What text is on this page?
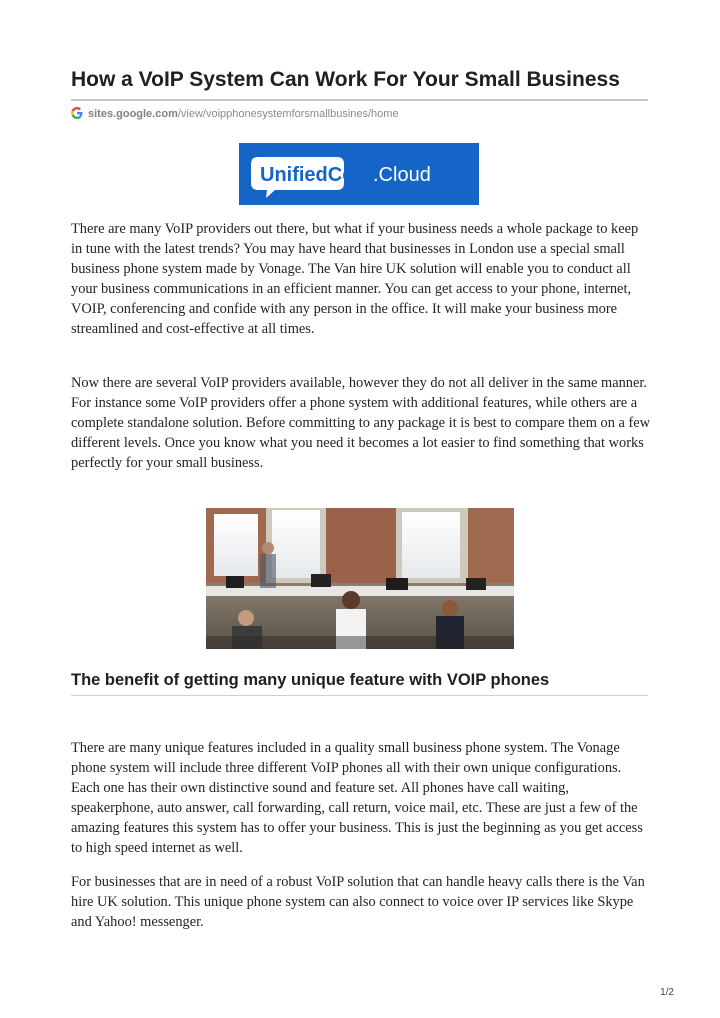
How a VoIP System Can Work For Your Small Business
sites.google.com /view/voipphonesystemforsmallbusines/home
UnifiedComs
.Cloud

There are many VoIP providers out there, but what if your business needs a whole package to keep in tune with the latest trends? You may have heard that businesses in London use a special small business phone system made by Vonage. The Van hire UK solution will enable you to conduct all your business communications in an efficient manner. You can get access to your phone, internet, VOIP, conferencing and confide with any person in the office. It will make your business more streamlined and cost-effective at all times.

Now there are several VoIP providers available, however they do not all deliver in the same manner. For instance some VoIP providers offer a phone system with additional features, while others are a complete standalone solution. Before committing to any package it is best to compare them on a few different levels. Once you know what you need it becomes a lot easier to find something that works perfectly for your small business.

The benefit of getting many unique feature with VOIP phones

There are many unique features included in a quality small business phone system. The Vonage phone system will include three different VoIP phones all with their own unique configurations. Each one has their own distinctive sound and feature set. All phones have call waiting, speakerphone, auto answer, call forwarding, call return, voice mail, etc. These are just a few of the amazing features this system has to offer your business. This is just the beginning as you get access to high speed internet as well.

For businesses that are in need of a robust VoIP solution that can handle heavy calls there is the Van hire UK solution. This unique phone system can also connect to voice over IP services like Skype and Yahoo! messenger.

1/2
